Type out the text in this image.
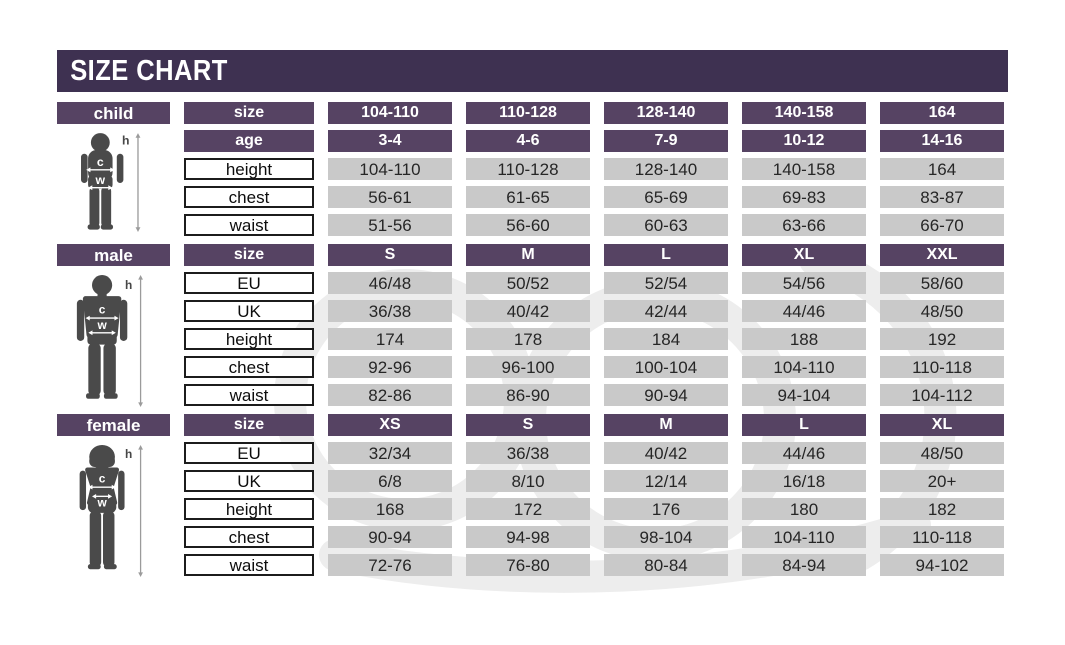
SIZE CHART
child
c
w
h
size	104-110	110-128	128-140	140-158	164
age	3-4	4-6	7-9	10-12	14-16
height	104-110	110-128	128-140	140-158	164
chest	56-61	61-65	65-69	69-83	83-87
waist	51-56	56-60	60-63	63-66	66-70
male
c
w
h
size	S	M	L	XL	XXL
EU	46/48	50/52	52/54	54/56	58/60
UK	36/38	40/42	42/44	44/46	48/50
height	174	178	184	188	192
chest	92-96	96-100	100-104	104-110	110-118
waist	82-86	86-90	90-94	94-104	104-112
female
c
w
h
size	XS	S	M	L	XL
EU	32/34	36/38	40/42	44/46	48/50
UK	6/8	8/10	12/14	16/18	20+
height	168	172	176	180	182
chest	90-94	94-98	98-104	104-110	110-118
waist	72-76	76-80	80-84	84-94	94-102
